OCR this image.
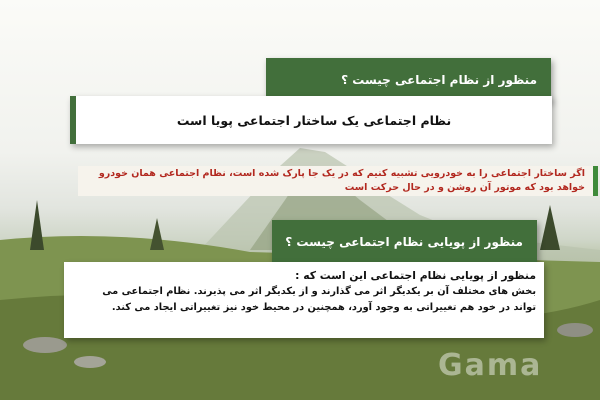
منظور از نظام اجتماعی چیست ؟
نظام اجتماعی یک ساختار اجتماعی پویا است
اگر ساختار اجتماعی را به خودرویی تشبیه کنیم که در یک جا پارک شده است، نظام اجتماعی همان خودرو
خواهد بود که موتور آن روشن و در حال حرکت است
منظور از پویایی نظام اجتماعی چیست ؟
منظور از پویایی نظام اجتماعی این است که :
بخش های مختلف آن بر یکدیگر اثر می گذارند و از یکدیگر اثر می پذیرند. نظام اجتماعی می
تواند در خود هم تغییراتی به وجود آورد، همچنین در محیط خود نیز تغییراتی ایجاد می کند.
Gama
